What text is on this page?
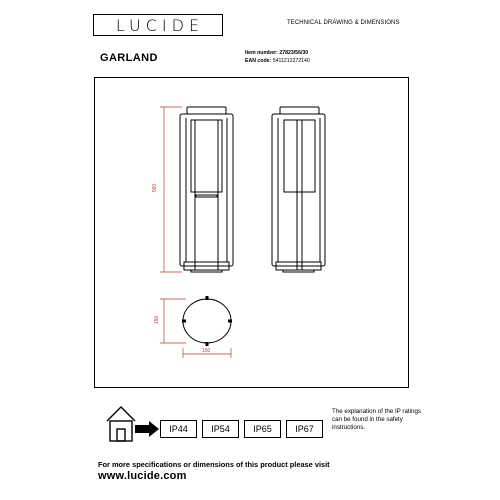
LUCIDE	TECHNICAL DRAWING & DIMENSIONS
GARLAND	Item number: 27823/56/30
EAN code: 5411212272140
560
150
150
IP44	IP54	IP65	IP67
The explanation of the IP ratings can be found in the safety instructions.
For more specifications or dimensions of this product please visit
www.lucide.com
